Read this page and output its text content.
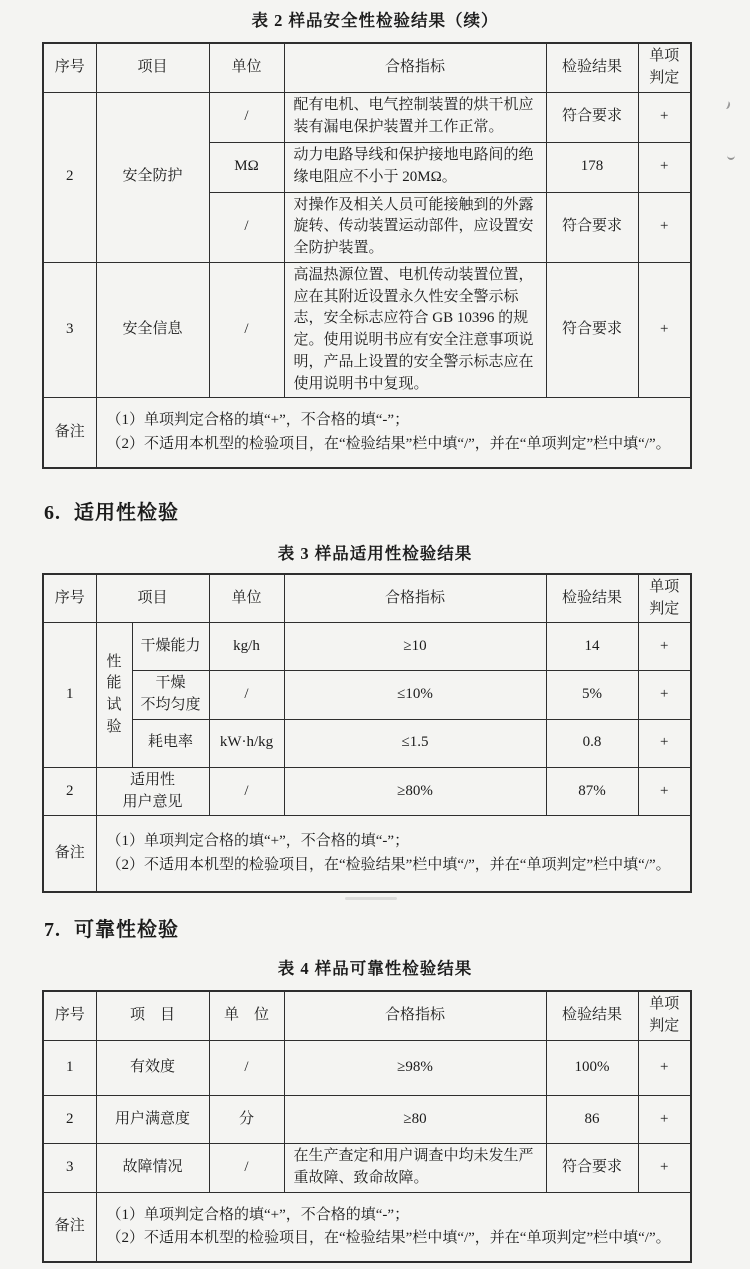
表 2 样品安全性检验结果（续）
序号	项目	单位	合格指标	检验结果	单项判定
2	安全防护	/	配有电机、电气控制装置的烘干机应装有漏电保护装置并工作正常。	符合要求	+
		MΩ	动力电路导线和保护接地电路间的绝缘电阻应不小于 20MΩ。	178	+
		/	对操作及相关人员可能接触到的外露旋转、传动装置运动部件，应设置安全防护装置。	符合要求	+
3	安全信息	/	高温热源位置、电机传动装置位置，应在其附近设置永久性安全警示标志，安全标志应符合 GB 10396 的规定。使用说明书应有安全注意事项说明，产品上设置的安全警示标志应在使用说明书中复现。	符合要求	+
备注	（1）单项判定合格的填“+”，不合格的填“-”；
（2）不适用本机型的检验项目，在“检验结果”栏中填“/”，并在“单项判定”栏中填“/”。				
6. 适用性检验
表 3 样品适用性检验结果
序号	项目		单位	合格指标	检验结果	单项判定
1	性能试验	干燥能力	kg/h	≥10	14	+

		干燥
不均匀度	/	≤10%	5%	+

		耗电率	kW·h/kg	≤1.5	0.8	+
2	适用性
用户意见		/	≥80%	87%	+
备注	（1）单项判定合格的填“+”，不合格的填“-”；
（2）不适用本机型的检验项目，在“检验结果”栏中填“/”，并在“单项判定”栏中填“/”。					
7. 可靠性检验
表 4 样品可靠性检验结果
序号	项　目	单　位	合格指标	检验结果	单项判定
1	有效度	/	≥98%	100%	+
2	用户满意度	分	≥80	86	+
3	故障情况	/	在生产查定和用户调查中均未发生严重故障、致命故障。	符合要求	+
备注	（1）单项判定合格的填“+”，不合格的填“-”；
（2）不适用本机型的检验项目，在“检验结果”栏中填“/”，并在“单项判定”栏中填“/”。				
